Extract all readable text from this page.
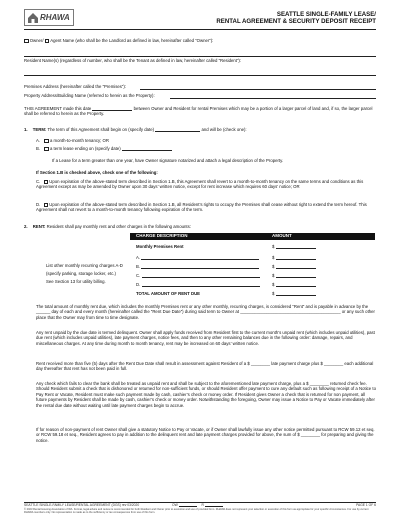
RHAWA	SEATTLE SINGLE-FAMILY LEASE/
RENTAL AGREEMENT & SECURITY DEPOSIT RECEIPT
Owner/ Agent Name (who shall be the Landlord as defined in law, hereinafter called “Owner”):
Resident Name(s) (regardless of number, who shall be the Tenant as defined in law, hereinafter called “Resident”):
Premises Address (hereinafter called the “Premises”):
Property Address/Building Name (referred to herein as the Property):
THIS AGREEMENT made this date	between Owner and Resident for rental Premises which may be a portion of a larger parcel of land and, if so, the larger parcel shall be referred to herein as the Property.
1. TERM: The term of this Agreement shall begin on (specify date)	and will be (check one):
A. a month-to-month tenancy; OR
B. a term lease ending on (specify date)
If a Lease for a term greater than one year, have Owner signature notarized and attach a legal description of the Property.
If Section 1.B is checked above, check one of the following:
C. Upon expiration of the above-stated term described in Section 1.B, this Agreement shall revert to a month-to-month tenancy on the same terms and conditions as this Agreement except as may be amended by Owner upon 30 days’ written notice, except for rent increase which requires 60 days’ notice; OR
D. Upon expiration of the above-stated term described in Section 1.B, all Resident’s rights to occupy the Premises shall cease without right to extend the term hereof. This Agreement shall not revert to a month-to-month tenancy following expiration of the term.
2. RENT: Resident shall pay monthly rent and other charges in the following amounts:
CHARGE DESCRIPTION	AMOUNT
Monthly Premises Rent	$
A.	$
B.	$
C.	$
D.	$
TOTAL AMOUNT OF RENT DUE	$
List other monthly recurring charges A-D
(specify parking, storage locker, etc.)
See Section 13 for utility billing.
The total amount of monthly rent due, which includes the monthly Premises rent or any other monthly, recurring charges, is considered “Rent” and is payable in advance by the ______ day of each and every month (hereinafter called the “Rent Due Date”) during said term to Owner at __________________________________________ or any such other place that the Owner may from time to time designate.
Any rent unpaid by the due date is termed delinquent. Owner shall apply funds received from Resident first to the current month’s unpaid rent (which includes unpaid utilities), past due rent (which includes unpaid utilities), late payment charges, notice fees, and then to any other remaining balances due in the following order: damage, repairs, and miscellaneous charges. At any time during month to month tenancy, rent may be increased on 60 days’ written notice.
Rent received more than five (5) days after the Rent Due Date shall result in assessment against Resident of a $ ________ late payment charge plus $ ________ each additional day thereafter that rent has not been paid in full.
Any check which fails to clear the bank shall be treated as unpaid rent and shall be subject to the aforementioned late payment charge, plus a $ ________ returned check fee. Should Resident submit a check that is dishonored or returned for non-sufficient funds, or should Resident offer payment to cure any default such as following receipt of a Notice to Pay Rent or Vacate, Resident must make such payment made by cash, cashier’s check or money order. If Resident gives Owner a check that is returned for non payment, all future payments by Resident shall be made by cash, cashier’s check or money order. Notwithstanding the foregoing, Owner may issue a Notice to Pay or Vacate immediately after the rental due date without waiting until late payment charges begin to accrue.
If for reason of non-payment of rent Owner shall give a statutory Notice to Pay or Vacate, or if Owner shall lawfully issue any other notice permitted pursuant to RCW 59.12 et seq. or RCW 59.18 et seq., Resident agrees to pay in addition to the delinquent rent and late payment charges provided for above, the sum of $ ________ for preparing and giving the notice.
SEATTLE SINGLE-FAMILY LEASE/RENTAL AGREEMENT (DGS) rev 03/2020	OW	R	PAGE 1 OF 6
© 2023 Rental Housing Association of WA. Format, legal advice and review is recommended for both Resident and Owner prior to execution and use of provided form. RHAWA does not represent your selection or execution of this form as appropriate for your specific circumstances. For use by current RHAWA members only. No representation is made as to the sufficiency or tax consequences from use of this form.
